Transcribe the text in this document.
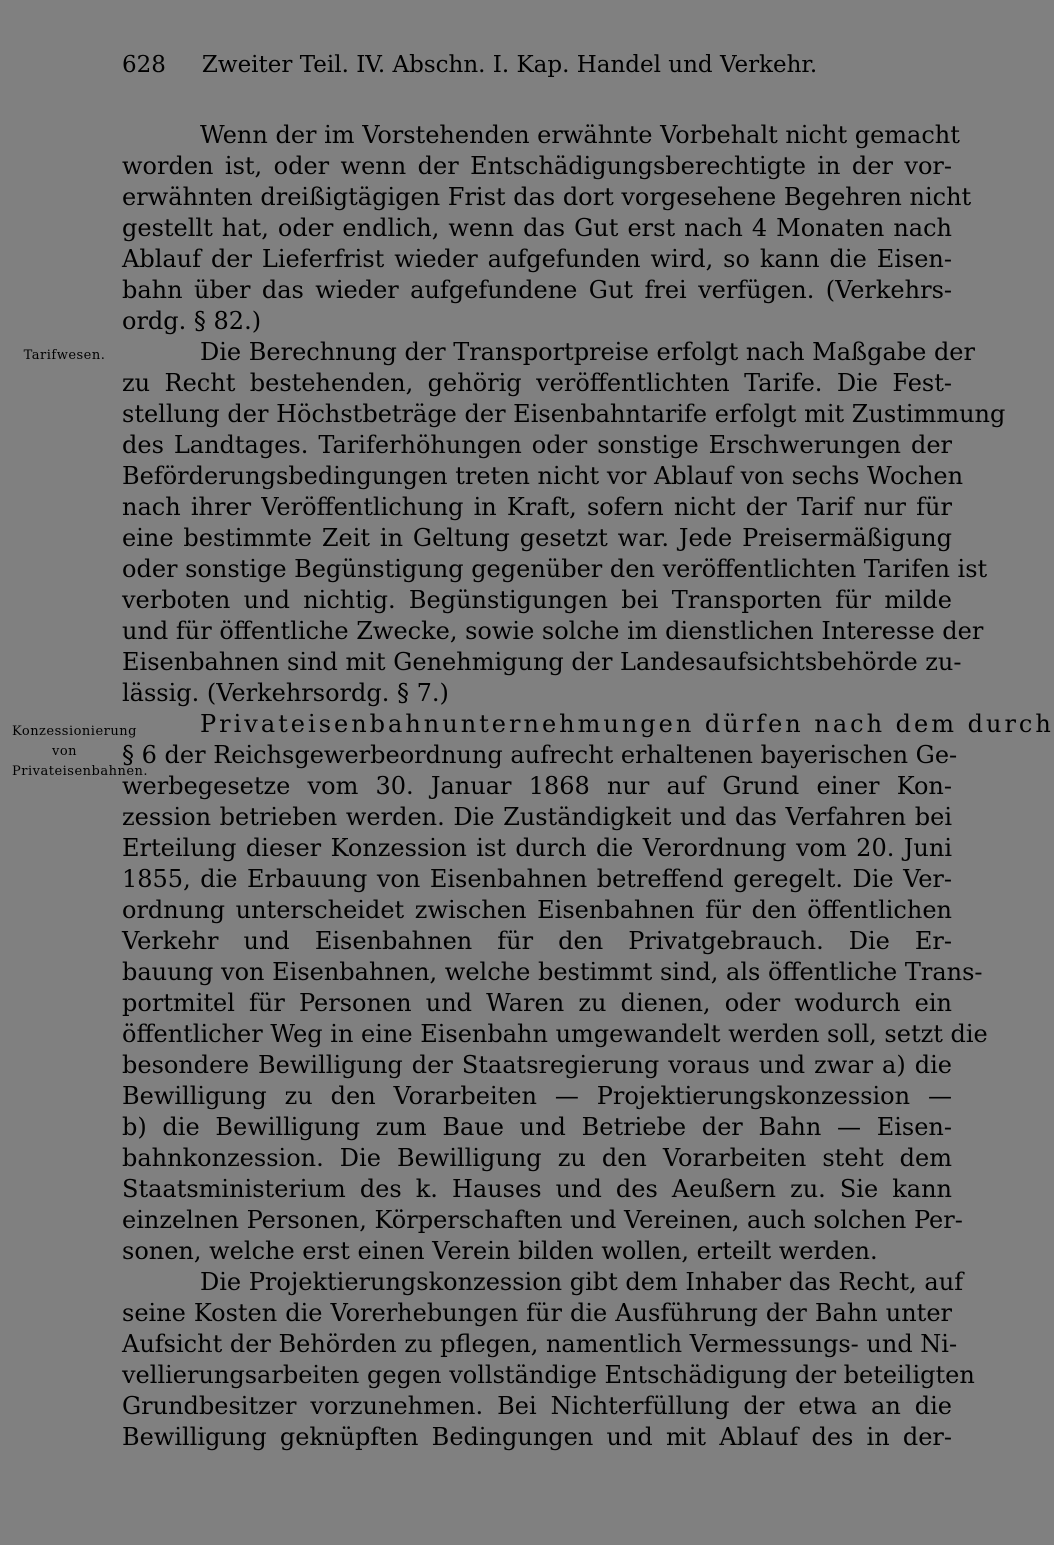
628 Zweiter Teil. IV. Abschn. I. Kap. Handel und Verkehr.
Tarifwesen.
Konzessionierung von Privateisenbahnen.
Wenn der im Vorstehenden erwähnte Vorbehalt nicht gemacht
worden ist, oder wenn der Entschädigungsberechtigte in der vor-
erwähnten dreißigtägigen Frist das dort vorgesehene Begehren nicht
gestellt hat, oder endlich, wenn das Gut erst nach 4 Monaten nach
Ablauf der Lieferfrist wieder aufgefunden wird, so kann die Eisen-
bahn über das wieder aufgefundene Gut frei verfügen. (Verkehrs-
ordg. § 82.)
Die Berechnung der Transportpreise erfolgt nach Maßgabe der
zu Recht bestehenden, gehörig veröffentlichten Tarife. Die Fest-
stellung der Höchstbeträge der Eisenbahntarife erfolgt mit Zustimmung
des Landtages. Tariferhöhungen oder sonstige Erschwerungen der
Beförderungsbedingungen treten nicht vor Ablauf von sechs Wochen
nach ihrer Veröffentlichung in Kraft, sofern nicht der Tarif nur für
eine bestimmte Zeit in Geltung gesetzt war. Jede Preisermäßigung
oder sonstige Begünstigung gegenüber den veröffentlichten Tarifen ist
verboten und nichtig. Begünstigungen bei Transporten für milde
und für öffentliche Zwecke, sowie solche im dienstlichen Interesse der
Eisenbahnen sind mit Genehmigung der Landesaufsichtsbehörde zu-
lässig. (Verkehrsordg. § 7.)
Privateisenbahnunternehmungen dürfen nach dem durch
§ 6 der Reichsgewerbeordnung aufrecht erhaltenen bayerischen Ge-
werbegesetze vom 30. Januar 1868 nur auf Grund einer Kon-
zession betrieben werden. Die Zuständigkeit und das Verfahren bei
Erteilung dieser Konzession ist durch die Verordnung vom 20. Juni
1855, die Erbauung von Eisenbahnen betreffend geregelt. Die Ver-
ordnung unterscheidet zwischen Eisenbahnen für den öffentlichen
Verkehr und Eisenbahnen für den Privatgebrauch. Die Er-
bauung von Eisenbahnen, welche bestimmt sind, als öffentliche Trans-
portmitel für Personen und Waren zu dienen, oder wodurch ein
öffentlicher Weg in eine Eisenbahn umgewandelt werden soll, setzt die
besondere Bewilligung der Staatsregierung voraus und zwar a) die
Bewilligung zu den Vorarbeiten — Projektierungskonzession —
b) die Bewilligung zum Baue und Betriebe der Bahn — Eisen-
bahnkonzession. Die Bewilligung zu den Vorarbeiten steht dem
Staatsministerium des k. Hauses und des Aeußern zu. Sie kann
einzelnen Personen, Körperschaften und Vereinen, auch solchen Per-
sonen, welche erst einen Verein bilden wollen, erteilt werden.
Die Projektierungskonzession gibt dem Inhaber das Recht, auf
seine Kosten die Vorerhebungen für die Ausführung der Bahn unter
Aufsicht der Behörden zu pflegen, namentlich Vermessungs- und Ni-
vellierungsarbeiten gegen vollständige Entschädigung der beteiligten
Grundbesitzer vorzunehmen. Bei Nichterfüllung der etwa an die
Bewilligung geknüpften Bedingungen und mit Ablauf des in der-
